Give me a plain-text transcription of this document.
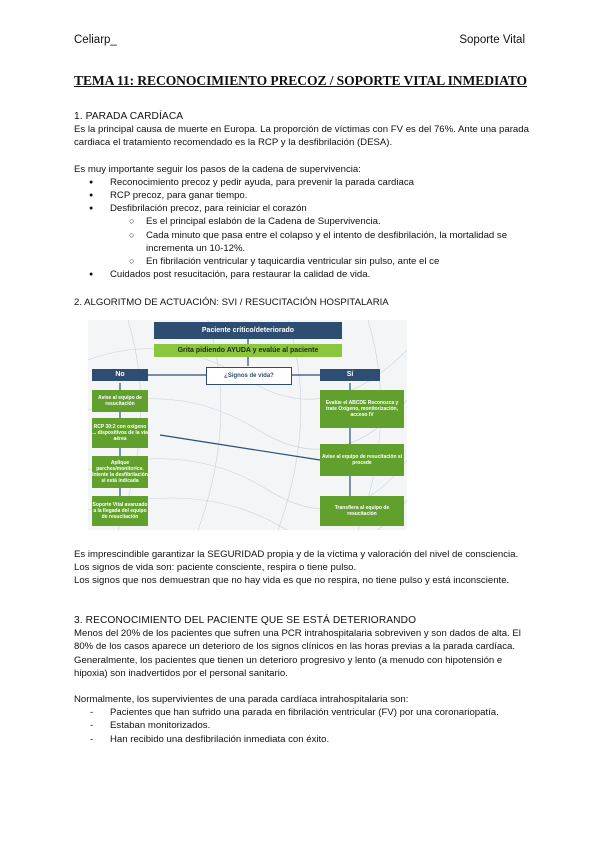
Celiarp_	Soporte Vital
TEMA 11: RECONOCIMIENTO PRECOZ / SOPORTE VITAL INMEDIATO

1. PARADA CARDÍACA

Es la principal causa de muerte en Europa. La proporción de víctimas con FV es del 76%. Ante una parada cardiaca el tratamiento recomendado es la RCP y la desfibrilación (DESA).

Es muy importante seguir los pasos de la cadena de supervivencia:

● Reconocimiento precoz y pedir ayuda, para prevenir la parada cardiaca
● RCP precoz, para ganar tiempo.
● Desfibrilación precoz, para reiniciar el corazón
○ Es el principal eslabón de la Cadena de Supervivencia.
○ Cada minuto que pasa entre el colapso y el intento de desfibrilación, la mortalidad se incrementa un 10-12%.
○ En fibrilación ventricular y taquicardia ventricular sin pulso, ante el ce
● Cuidados post resucitación, para restaurar la calidad de vida.
2. ALGORITMO DE ACTUACIÓN: SVI / RESUCITACIÓN HOSPITALARIA
Paciente crítico/deteriorado
Grita pidiendo AYUDA y evalúe al paciente
¿Signos de vida?
No	Sí
Avise al equipo de resucitación
RCP 30:2 con oxígeno ... dispositivos de la vía aérea
Aplique parches/monitorice. Intente la desfibrilación si está indicada
Soporte Vital avanzado a la llegada del equipo de resucitación
Evalúe el ABCDE Reconozca y trate Oxígeno, monitorización, acceso IV
Avise al equipo de resucitación si procede
Transfiera al equipo de resucitación

Es imprescindible garantizar la SEGURIDAD propia y de la víctima y valoración del nivel de consciencia. Los signos de vida son: paciente consciente, respira o tiene pulso.

Los signos que nos demuestran que no hay vida es que no respira, no tiene pulso y está inconsciente.

3. RECONOCIMIENTO DEL PACIENTE QUE SE ESTÁ DETERIORANDO

Menos del 20% de los pacientes que sufren una PCR intrahospitalaria sobreviven y son dados de alta. El 80% de los casos aparece un deterioro de los signos clínicos en las horas previas a la parada cardíaca. Generalmente, los pacientes que tienen un deterioro progresivo y lento (a menudo con hipotensión e hipoxia) son inadvertidos por el personal sanitario.

Normalmente, los supervivientes de una parada cardíaca intrahospitalaria son:

- Pacientes que han sufrido una parada en fibrilación ventricular (FV) por una coronariopatía.
- Estaban monitorizados.
- Han recibido una desfibrilación inmediata con éxito.
